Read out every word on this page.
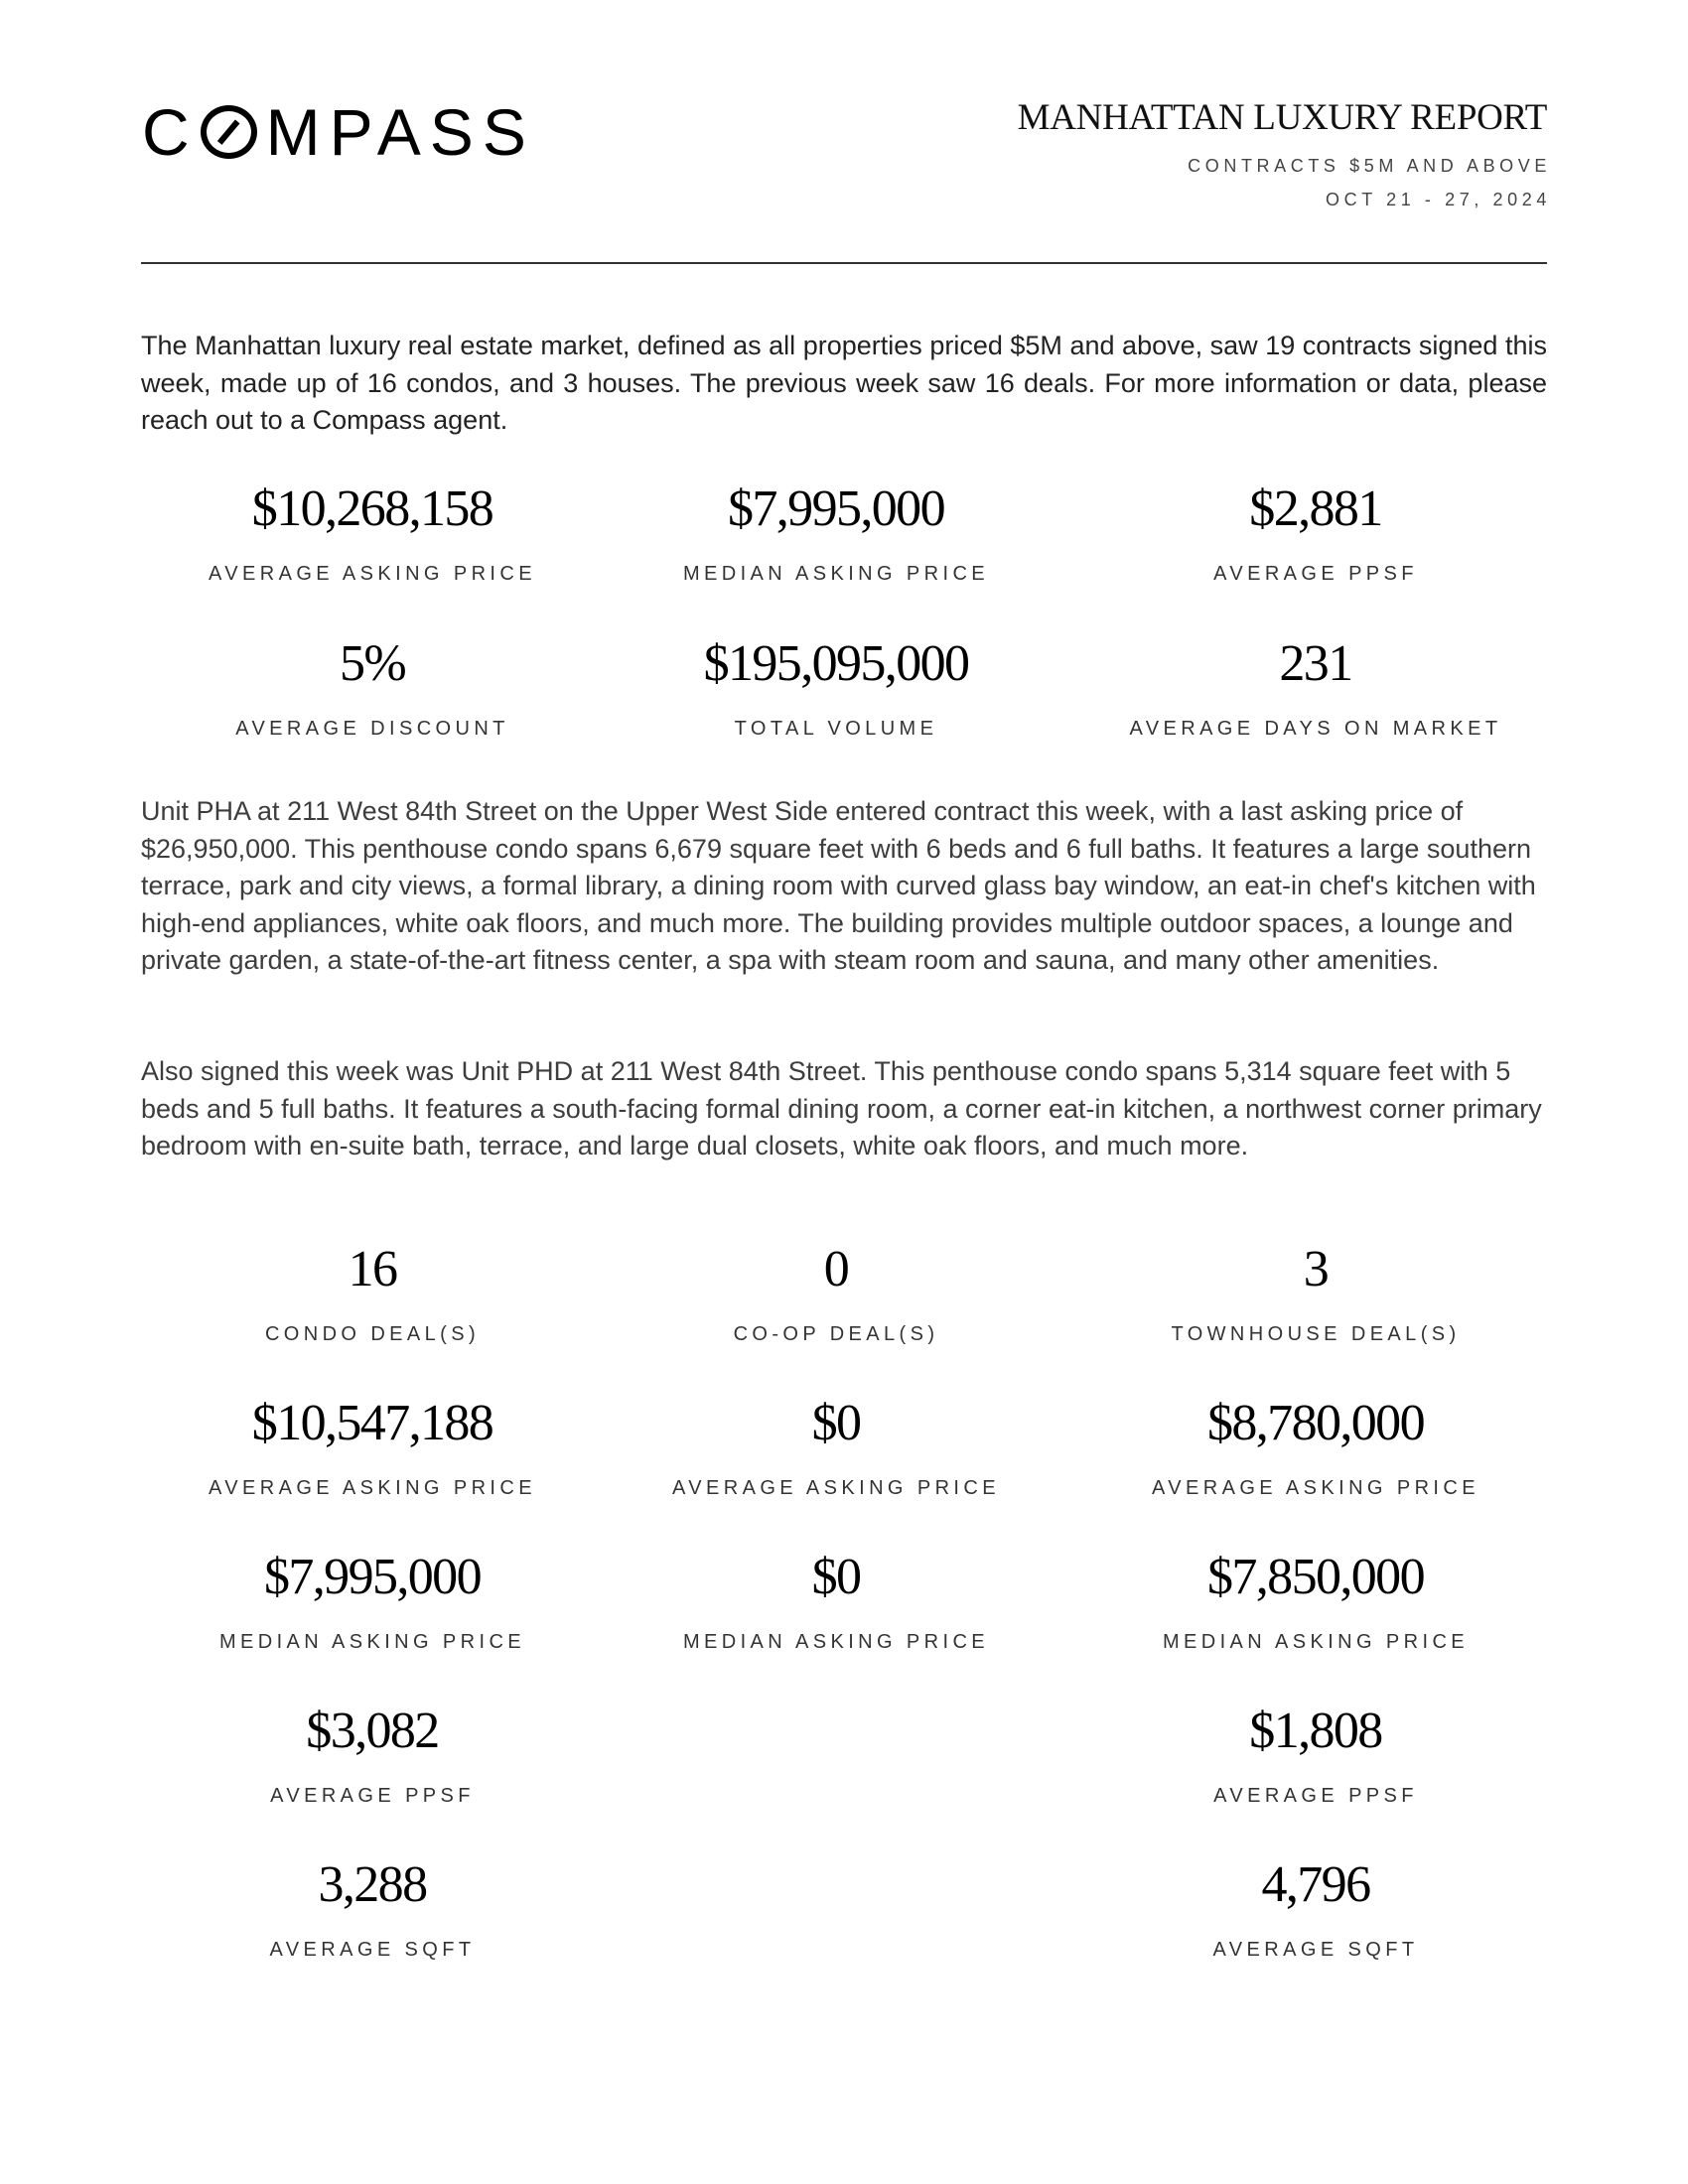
C MPASS	MANHATTAN LUXURY REPORT
CONTRACTS $5M AND ABOVE
OCT 21 - 27, 2024

The Manhattan luxury real estate market, defined as all properties priced $5M and above, saw 19 contracts signed this week, made up of 16 condos, and 3 houses. The previous week saw 16 deals. For more information or data, please reach out to a Compass agent.

$10,268,158
AVERAGE ASKING PRICE
$7,995,000
MEDIAN ASKING PRICE
$2,881
AVERAGE PPSF
5%
AVERAGE DISCOUNT
$195,095,000
TOTAL VOLUME
231
AVERAGE DAYS ON MARKET

Unit PHA at 211 West 84th Street on the Upper West Side entered contract this week, with a last asking price of $26,950,000. This penthouse condo spans 6,679 square feet with 6 beds and 6 full baths. It features a large southern terrace, park and city views, a formal library, a dining room with curved glass bay window, an eat-in chef's kitchen with high-end appliances, white oak floors, and much more. The building provides multiple outdoor spaces, a lounge and private garden, a state-of-the-art fitness center, a spa with steam room and sauna, and many other amenities.

Also signed this week was Unit PHD at 211 West 84th Street. This penthouse condo spans 5,314 square feet with 5 beds and 5 full baths. It features a south-facing formal dining room, a corner eat-in kitchen, a northwest corner primary bedroom with en-suite bath, terrace, and large dual closets, white oak floors, and much more.

16
CONDO DEAL(S)
0
CO-OP DEAL(S)
3
TOWNHOUSE DEAL(S)
$10,547,188
AVERAGE ASKING PRICE
$0
AVERAGE ASKING PRICE
$8,780,000
AVERAGE ASKING PRICE
$7,995,000
MEDIAN ASKING PRICE
$0
MEDIAN ASKING PRICE
$7,850,000
MEDIAN ASKING PRICE
$3,082
AVERAGE PPSF
$1,808
AVERAGE PPSF
3,288
AVERAGE SQFT
4,796
AVERAGE SQFT
